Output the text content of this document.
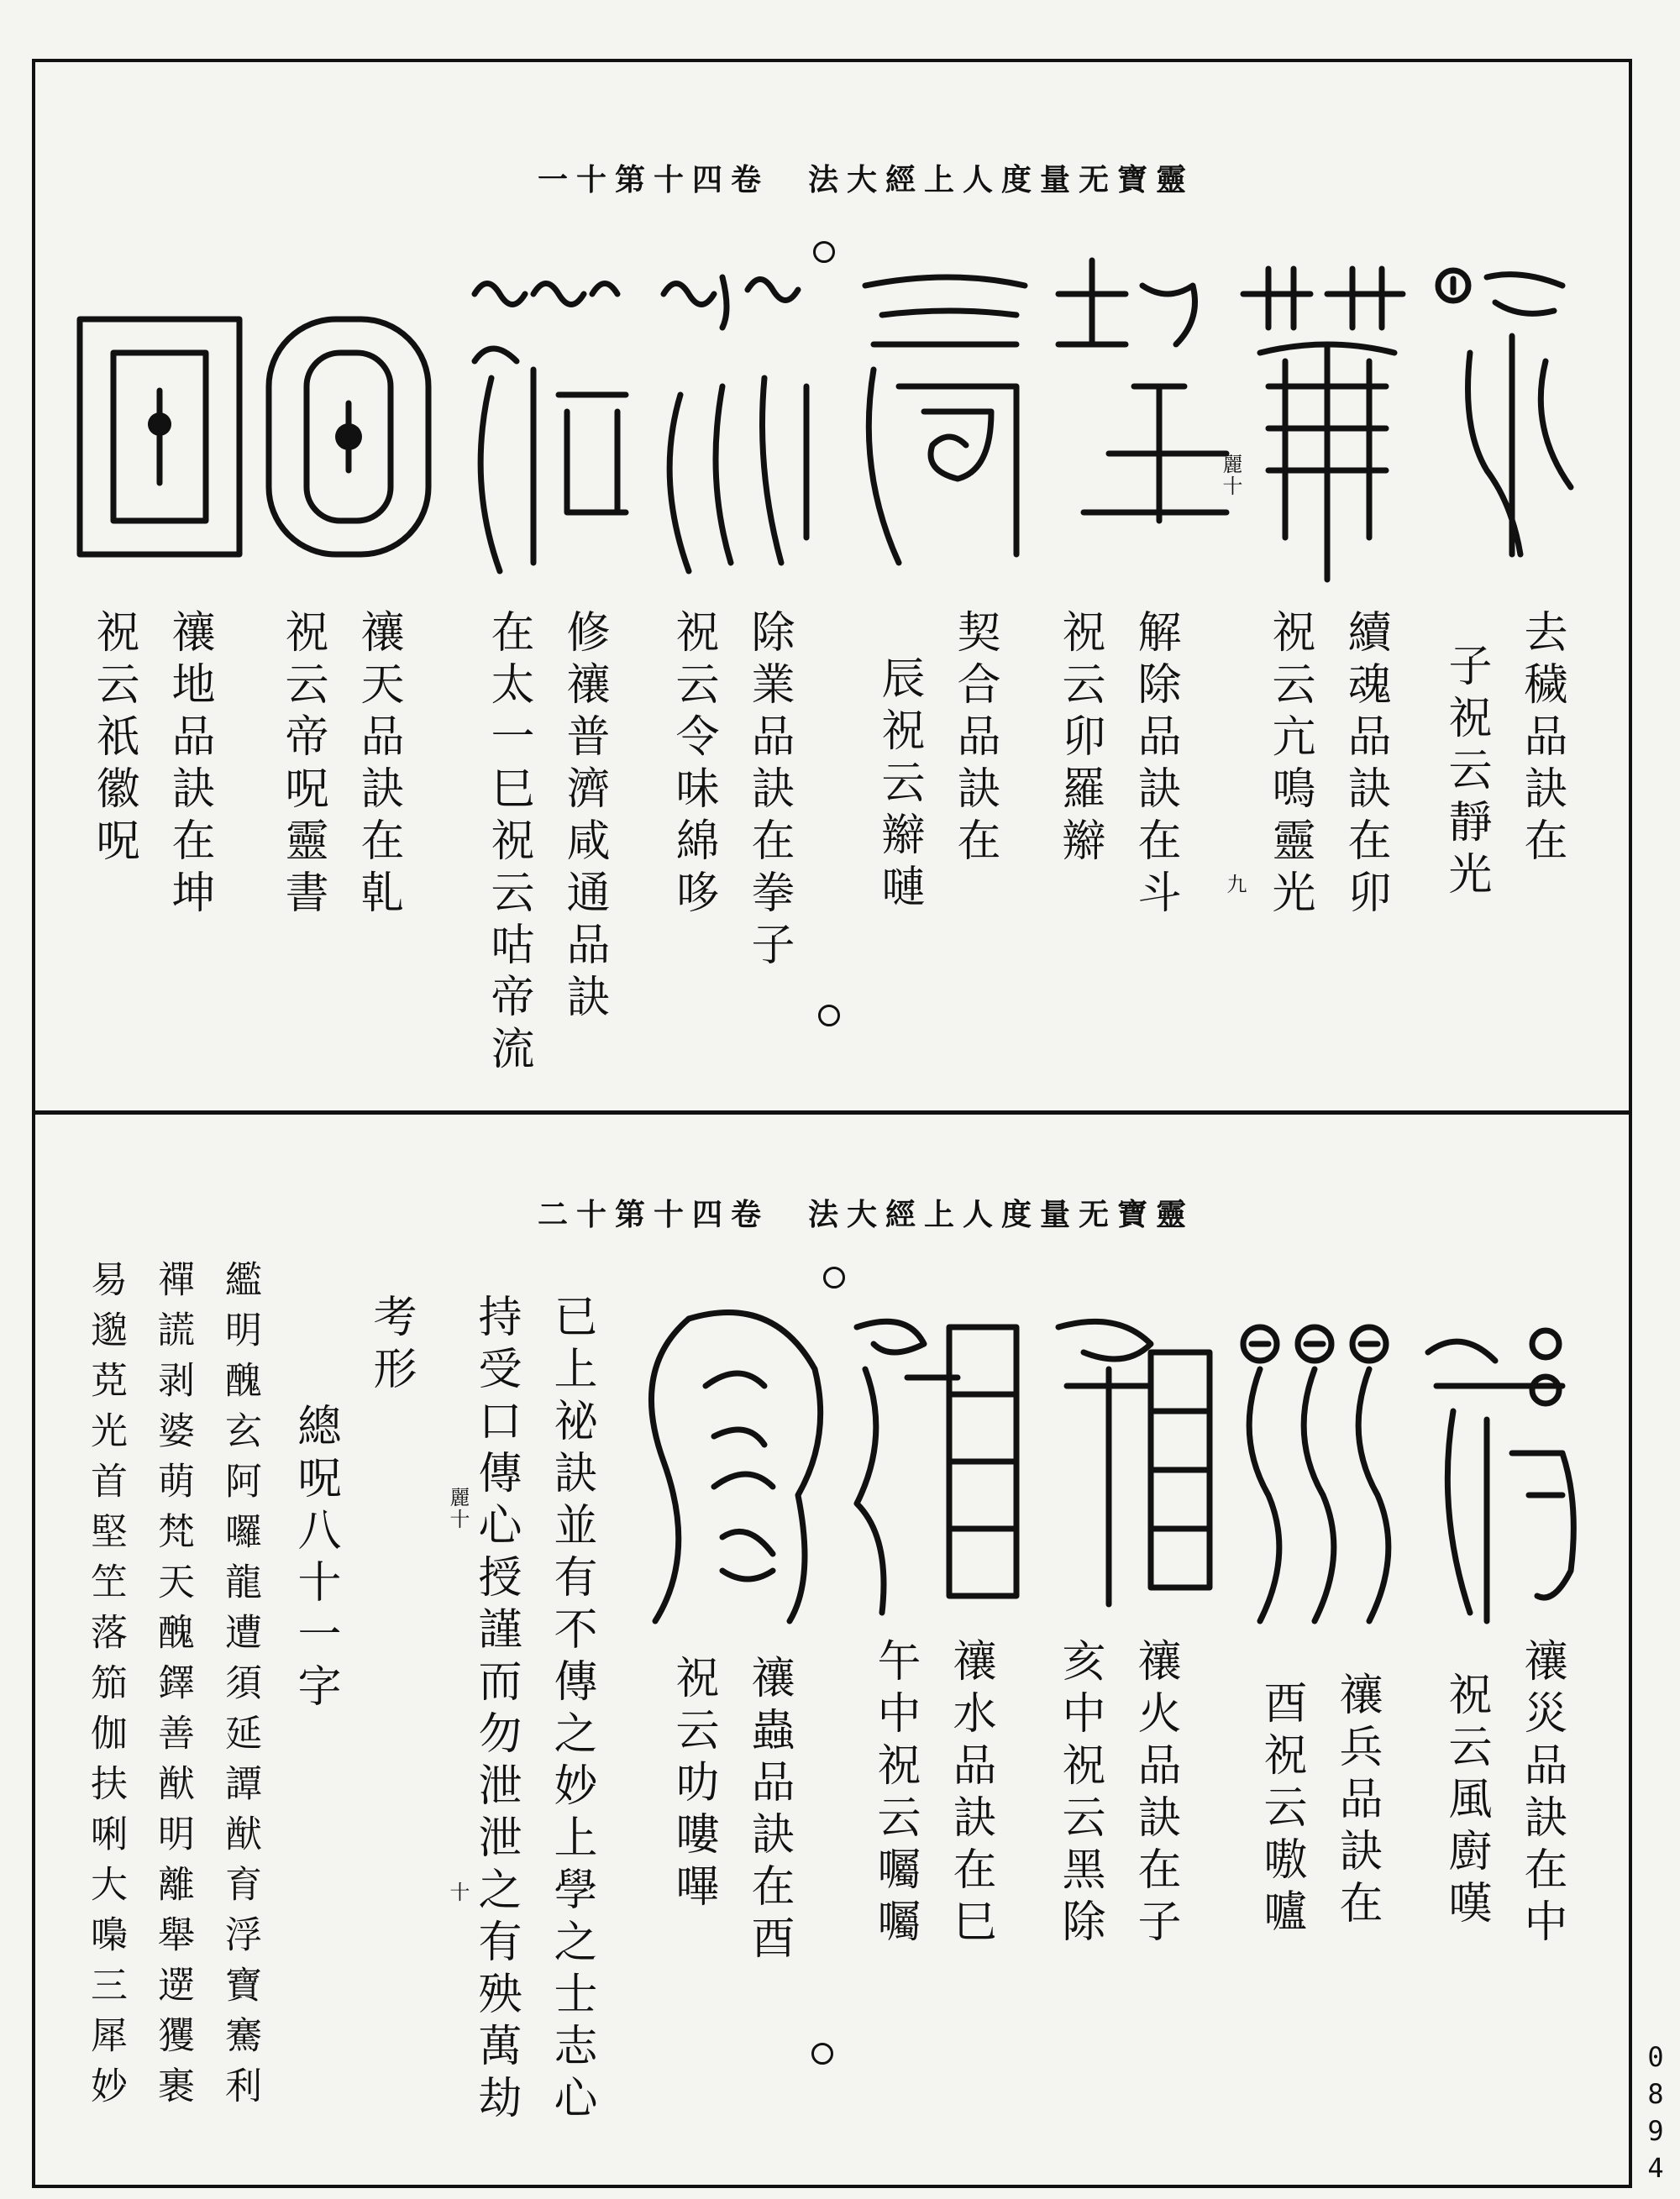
一十第十四卷　法大經上人度量无寶靈
去穢品訣在
子祝云靜光
續魂品訣在卯
祝云亢鳴靈光
九
麗十
解除品訣在斗
祝云卯羅辮
契合品訣在
辰祝云辮嗹
除業品訣在拳子
祝云令味綿哆
修禳普濟咸通品訣
在太一巳祝云咕帝流
禳天品訣在乹
祝云帝呪靈書
禳地品訣在坤
祝云祇徽呪
二十第十四卷　法大經上人度量无寶靈
禳災品訣在中
祝云風廚嘆
禳兵品訣在
酉祝云嗷嚧
禳火品訣在子
亥中祝云黑除
禳水品訣在巳
午中祝云囑囑
禳蟲品訣在酉
祝云叻嘍嗶
已上祕訣並有不傳之妙上學之士志心
持受口傳心授謹而勿泄泄之有殃萬劫
十
麗十
考形
總呪八十一字
繿明醜玄阿囉龍遭須延譚猷育浮寶騫利
禪謊剥婆萌梵天醜鐸善猷明離舉遻玃裹
易邈莌光首堅笁落笳伽扶唎大嘄三犀妙	0894
